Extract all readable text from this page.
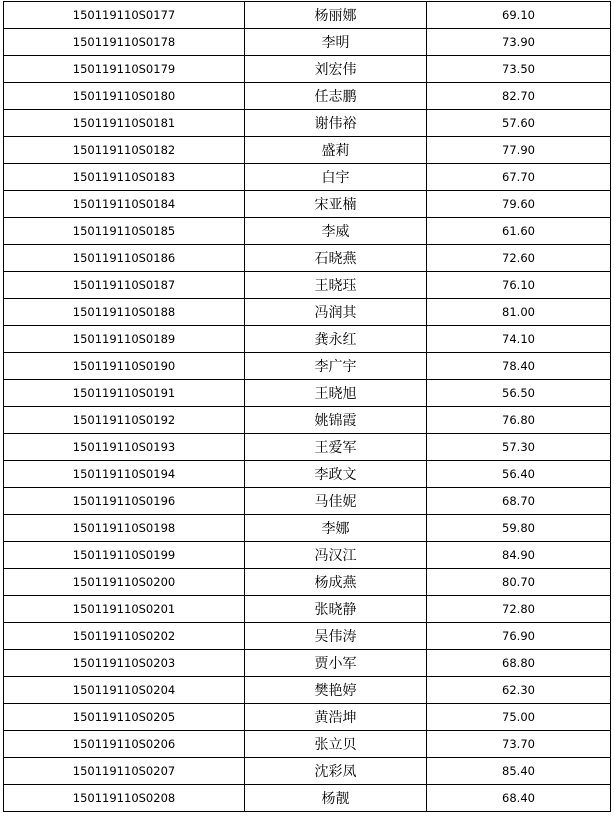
150119110S0177	杨丽娜	69.10
150119110S0178	李明	73.90
150119110S0179	刘宏伟	73.50
150119110S0180	任志鹏	82.70
150119110S0181	谢伟裕	57.60
150119110S0182	盛莉	77.90
150119110S0183	白宇	67.70
150119110S0184	宋亚楠	79.60
150119110S0185	李威	61.60
150119110S0186	石晓燕	72.60
150119110S0187	王晓珏	76.10
150119110S0188	冯润其	81.00
150119110S0189	龚永红	74.10
150119110S0190	李广宇	78.40
150119110S0191	王晓旭	56.50
150119110S0192	姚锦霞	76.80
150119110S0193	王爱军	57.30
150119110S0194	李政文	56.40
150119110S0196	马佳妮	68.70
150119110S0198	李娜	59.80
150119110S0199	冯汉江	84.90
150119110S0200	杨成燕	80.70
150119110S0201	张晓静	72.80
150119110S0202	吴伟涛	76.90
150119110S0203	贾小军	68.80
150119110S0204	樊艳婷	62.30
150119110S0205	黄浩坤	75.00
150119110S0206	张立贝	73.70
150119110S0207	沈彩凤	85.40
150119110S0208	杨靓	68.40
